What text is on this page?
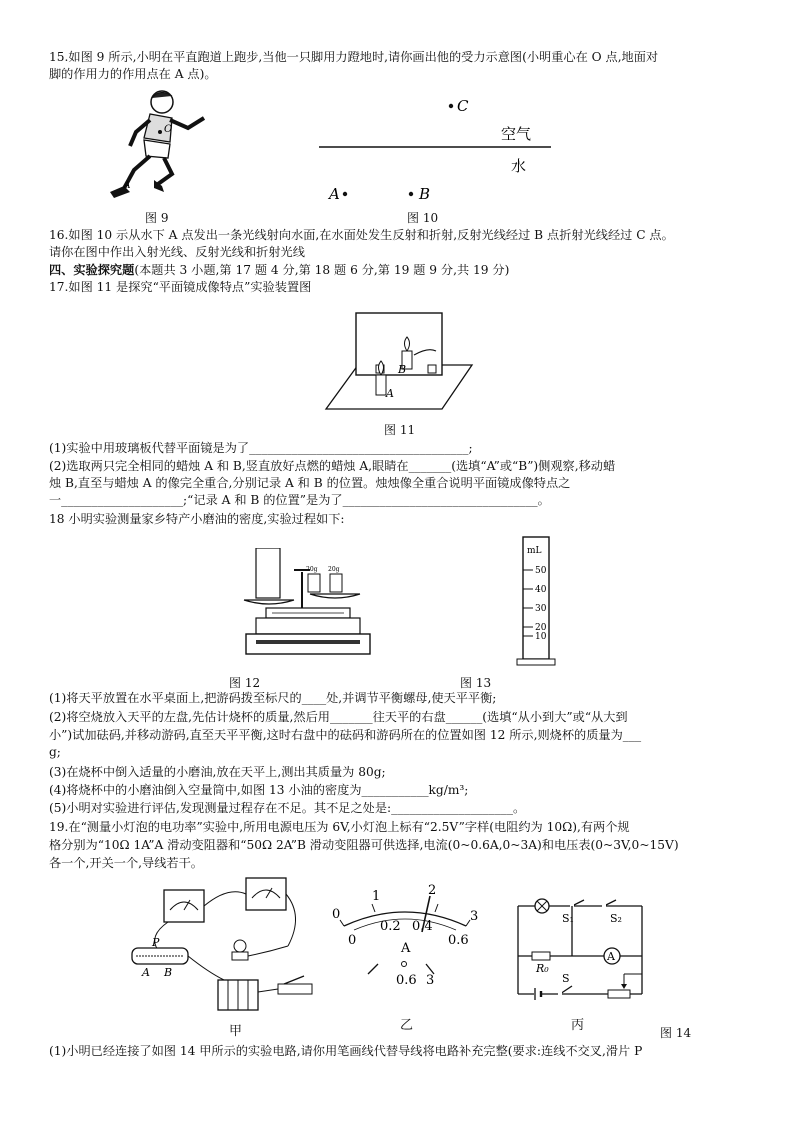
15.如图 9 所示,小明在平直跑道上跑步,当他一只脚用力蹬地时,请你画出他的受力示意图(小明重心在 O 点,地面对
脚的作用力的作用点在 A 点)。
O
A
图 9
C
空气
水
A	B
图 10
16.如图 10 示从水下 A 点发出一条光线射向水面,在水面处发生反射和折射,反射光线经过 B 点折射光线经过 C 点。
请你在图中作出入射光线、反射光线和折射光线
四、实验探究题(本题共 3 小题,第 17 题 4 分,第 18 题 6 分,第 19 题 9 分,共 19 分)
17.如图 11 是探究“平面镜成像特点”实验装置图
B
A
图 11
(1)实验中用玻璃板代替平面镜是为了____________________________________;
(2)选取两只完全相同的蜡烛 A 和 B,竖直放好点燃的蜡烛 A,眼睛在_______(选填“A”或“B”)侧观察,移动蜡
烛 B,直至与蜡烛 A 的像完全重合,分别记录 A 和 B 的位置。烛烛像全重合说明平面镜成像特点之
一____________________;“记录 A 和 B 的位置”是为了________________________________。
18 小明实验测量家乡特产小磨油的密度,实验过程如下:
20g 20g
图 12
mL
50
40
30
20
10
图 13
(1)将天平放置在水平桌面上,把游码拨至标尺的____处,并调节平衡螺母,使天平平衡;
(2)将空烧放入天平的左盘,先估计烧杯的质量,然后用_______往天平的右盘______(选填“从小到大”或“从大到
小”)试加砝码,并移动游码,直至天平平衡,这时右盘中的砝码和游码所在的位置如图 12 所示,则烧杯的质量为___
g;
(3)在烧杯中倒入适量的小磨油,放在天平上,测出其质量为 80g;
(4)将烧杯中的小磨油倒入空量筒中,如图 13 小油的密度为___________kg/m³;
(5)小明对实验进行评估,发现测量过程存在不足。其不足之处是:____________________。
19.在“测量小灯泡的电功率”实验中,所用电源电压为 6V,小灯泡上标有“2.5V”字样(电阻约为 10Ω),有两个规
格分别为“10Ω 1A”A 滑动变阻器和“50Ω 2A”B 滑动变阻器可供选择,电流(0~0.6A,0~3A)和电压表(0~3V,0~15V)
各一个,开关一个,导线若干。
P
A B
甲
0
1	2
3
0
0.2 0.4
0.6
A
0.6 3
乙
S₁	S₂
R₀
A
S
丙	图 14
(1)小明已经连接了如图 14 甲所示的实验电路,请你用笔画线代替导线将电路补充完整(要求:连线不交叉,滑片 P
